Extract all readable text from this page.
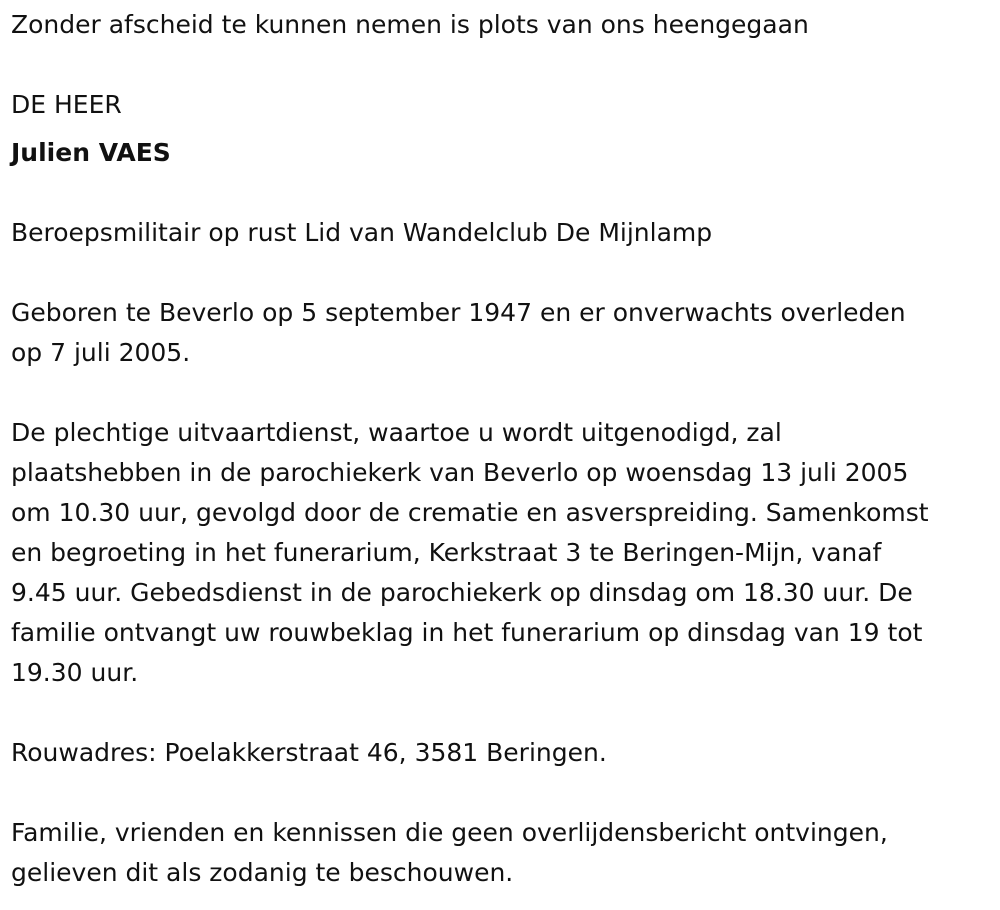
Zonder afscheid te kunnen nemen is plots van ons heengegaan
DE HEER
Julien VAES
Beroepsmilitair op rust Lid van Wandelclub De Mijnlamp
Geboren te Beverlo op 5 september 1947 en er onverwachts overleden
op 7 juli 2005.
De plechtige uitvaartdienst, waartoe u wordt uitgenodigd, zal
plaatshebben in de parochiekerk van Beverlo op woensdag 13 juli 2005
om 10.30 uur, gevolgd door de crematie en asverspreiding. Samenkomst
en begroeting in het funerarium, Kerkstraat 3 te Beringen-Mijn, vanaf
9.45 uur. Gebedsdienst in de parochiekerk op dinsdag om 18.30 uur. De
familie ontvangt uw rouwbeklag in het funerarium op dinsdag van 19 tot
19.30 uur.
Rouwadres: Poelakkerstraat 46, 3581 Beringen.
Familie, vrienden en kennissen die geen overlijdensbericht ontvingen,
gelieven dit als zodanig te beschouwen.
